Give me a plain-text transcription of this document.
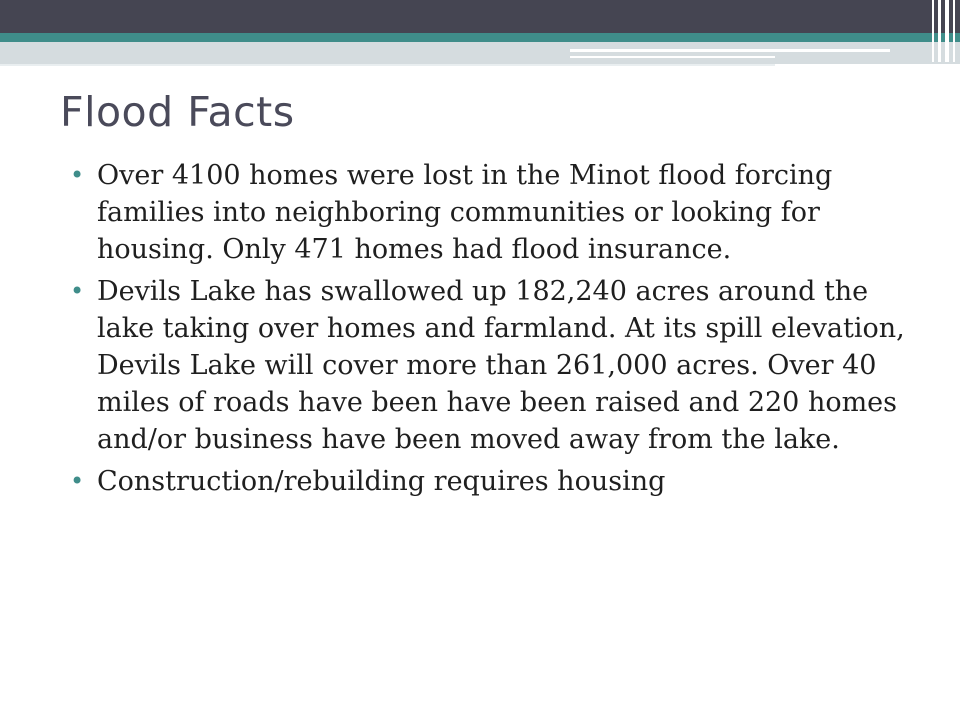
Flood Facts
• Over 4100 homes were lost in the Minot flood forcing families into neighboring communities or looking for housing. Only 471 homes had flood insurance.
• Devils Lake has swallowed up 182,240 acres around the lake taking over homes and farmland. At its spill elevation, Devils Lake will cover more than 261,000 acres. Over 40 miles of roads have been have been raised and 220 homes and/or business have been moved away from the lake.
• Construction/rebuilding requires housing
